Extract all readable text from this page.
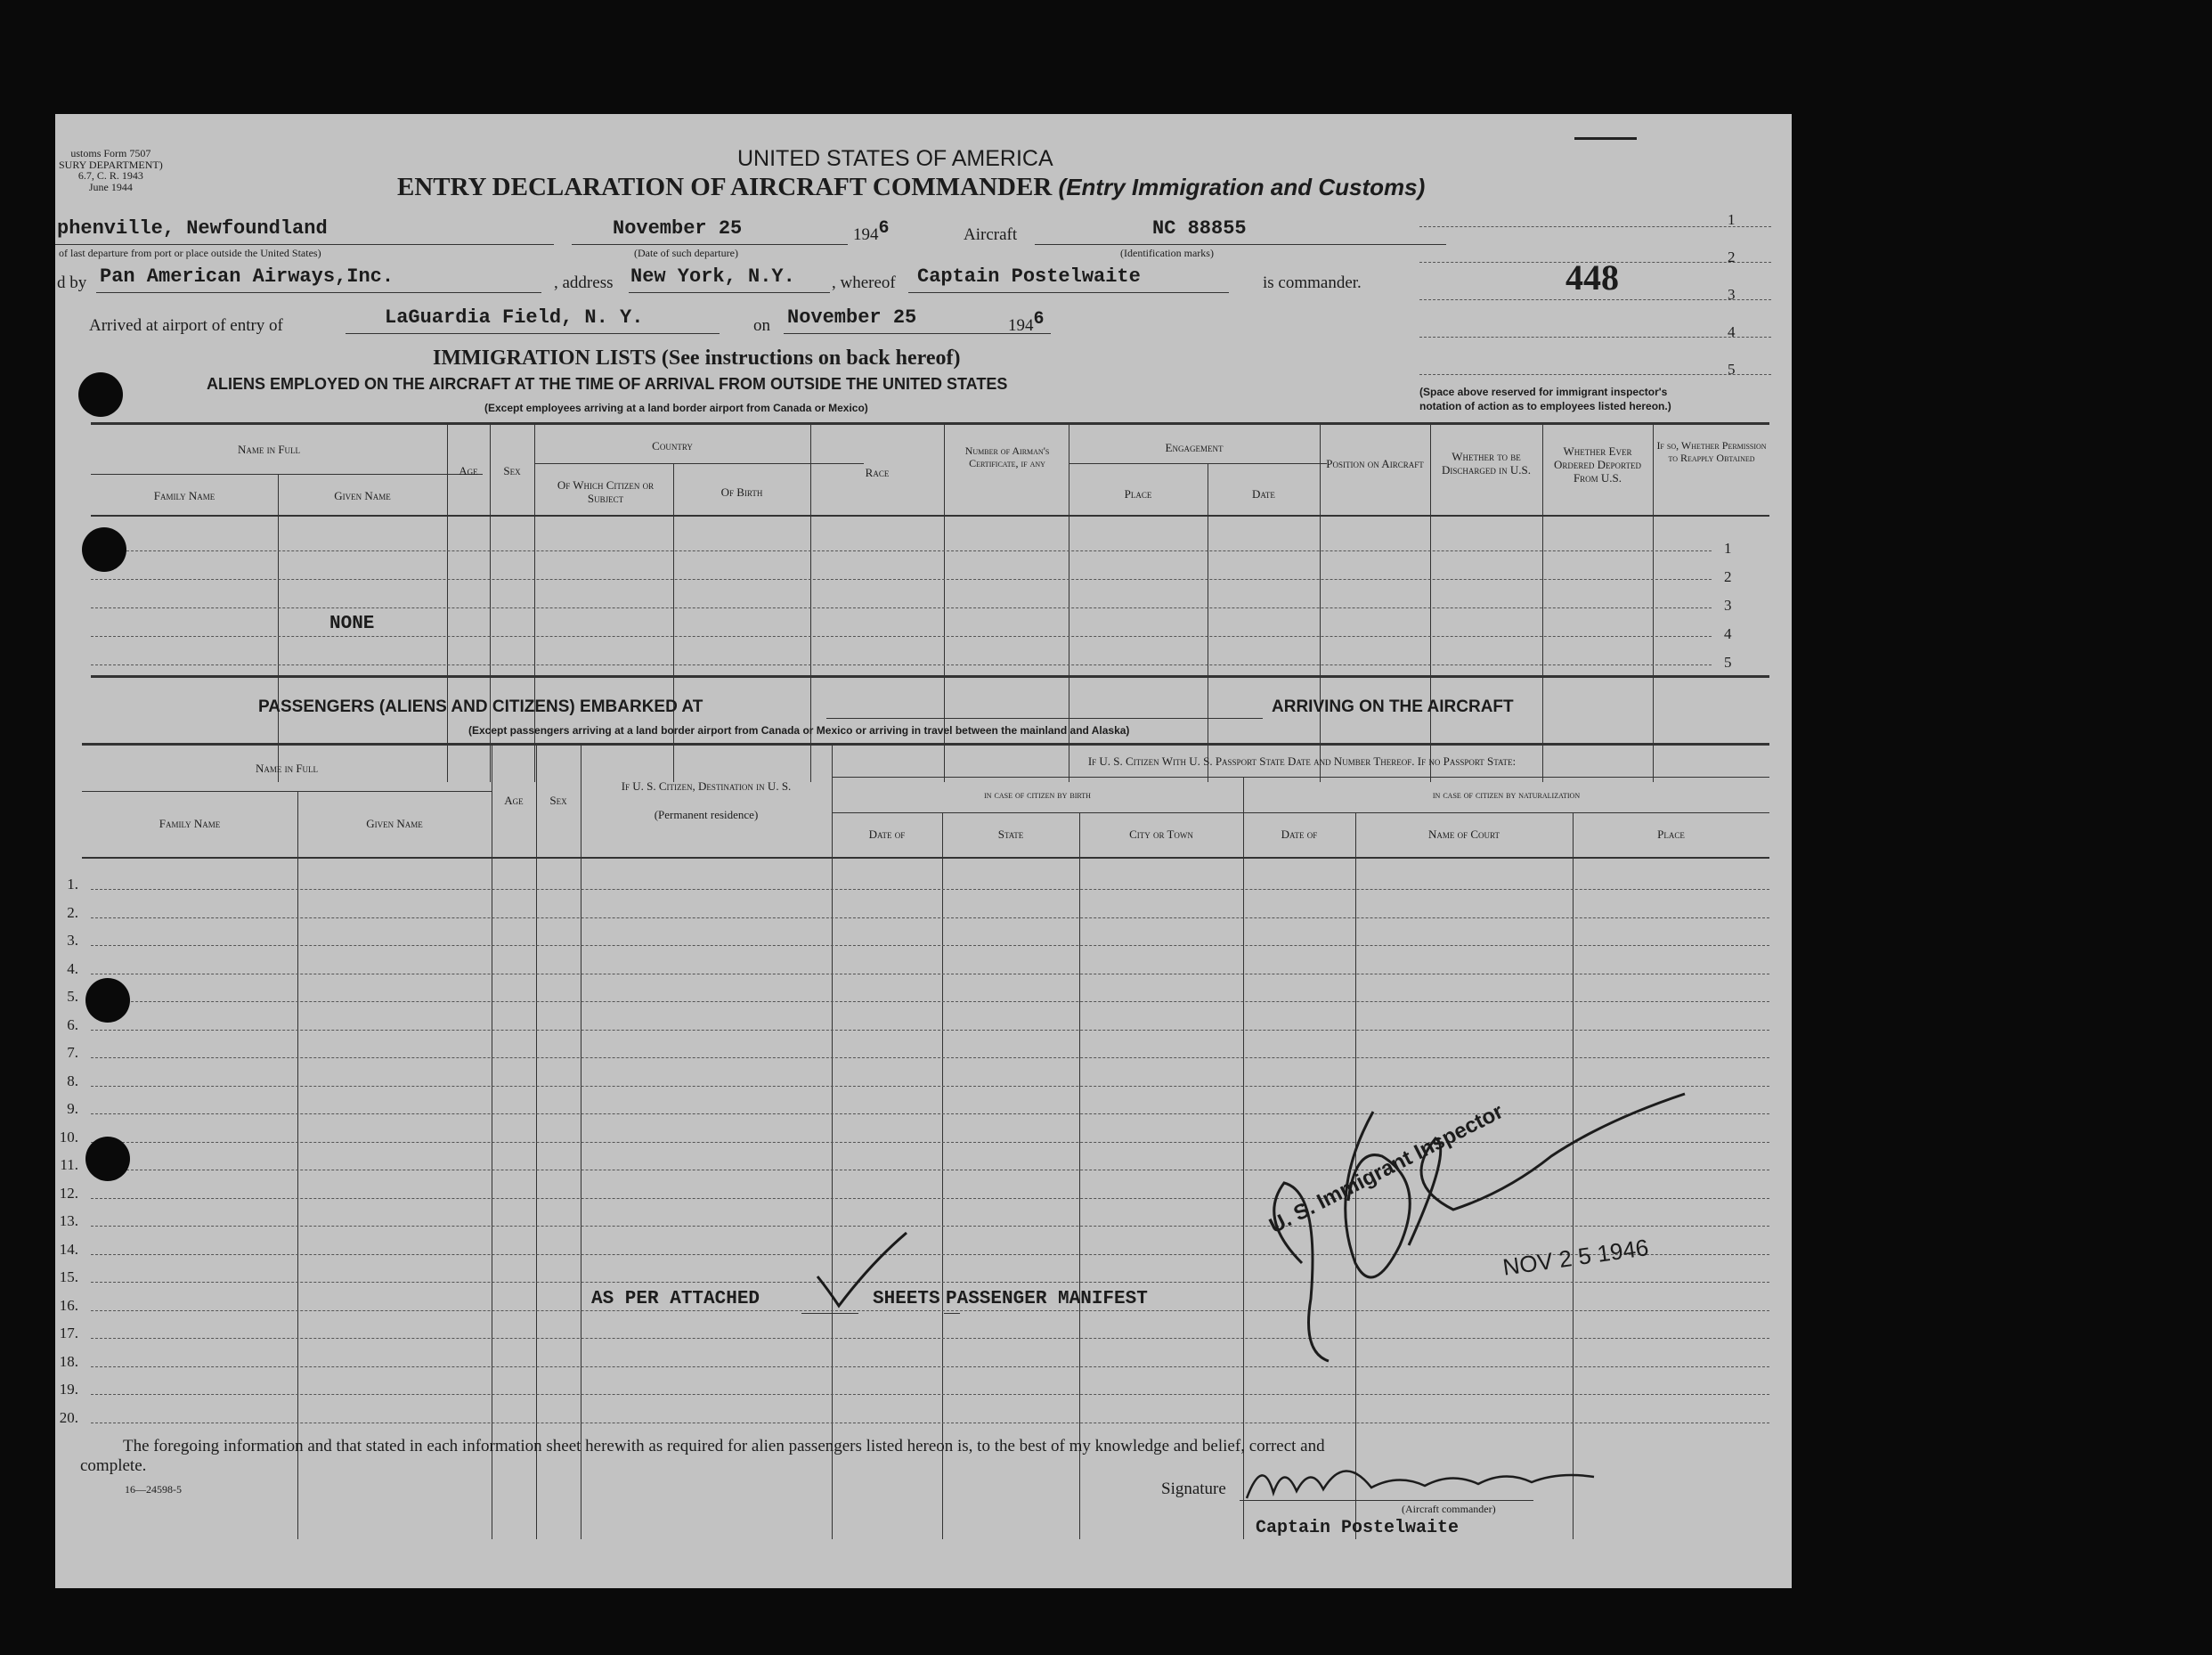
ustoms Form 7507
SURY DEPARTMENT)
6.7, C. R. 1943
June 1944
UNITED STATES OF AMERICA
ENTRY DECLARATION OF AIRCRAFT COMMANDER (Entry Immigration and Customs)
phenville, Newfoundland
of last departure from port or place outside the United States)
November 25
(Date of such departure)
1946	Aircraft	NC 88855
(Identification marks)
d by Pan American Airways,Inc.	, address New York, N.Y. , whereof Captain Postelwaite	is commander.
Arrived at airport of entry of	LaGuardia Field, N. Y.	on November 25	1946
1
2
3
4
5
448
(Space above reserved for immigrant inspector's
notation of action as to employees listed hereon.)
IMMIGRATION LISTS (See instructions on back hereof)
ALIENS EMPLOYED ON THE AIRCRAFT AT THE TIME OF ARRIVAL FROM OUTSIDE THE UNITED STATES
(Except employees arriving at a land border airport from Canada or Mexico)
Name in Full
Family Name	Given Name
Age	Sex
Country
Of Which Citizen or Subject	Of Birth
Race
Number of Airman's Certificate, if any
Engagement
Place	Date
Position on Aircraft
Whether to be Discharged in U.S.
Whether Ever Ordered Deported From U.S.
If so, Whether Permission to Reapply Obtained
1
2
3
4
5
NONE
PASSENGERS (ALIENS AND CITIZENS) EMBARKED AT	ARRIVING ON THE AIRCRAFT
(Except passengers arriving at a land border airport from Canada or Mexico or arriving in travel between the mainland and Alaska)
Name in Full
Family Name	Given Name
Age	Sex
If U. S. Citizen, Destination in U. S.
(Permanent residence)
If U. S. Citizen With U. S. Passport State Date and Number Thereof. If no Passport State:
in case of citizen by birth	in case of citizen by naturalization
Date of	State	City or Town	Date of	Name of Court	Place
1.
2.
3.
4.
5.
6.
7.
8.
9.
10.
11.
12.
13.
14.
15.
16.
17.
18.
19.
20.
AS PER ATTACHED	SHEETS PASSENGER MANIFEST
U. S. Immigrant Inspector
NOV 2 5 1946
The foregoing information and that stated in each information sheet herewith as required for alien passengers listed hereon is, to the best of my knowledge and belief, correct and
complete.
16—24598-5	Signature
(Aircraft commander)
Captain Postelwaite
